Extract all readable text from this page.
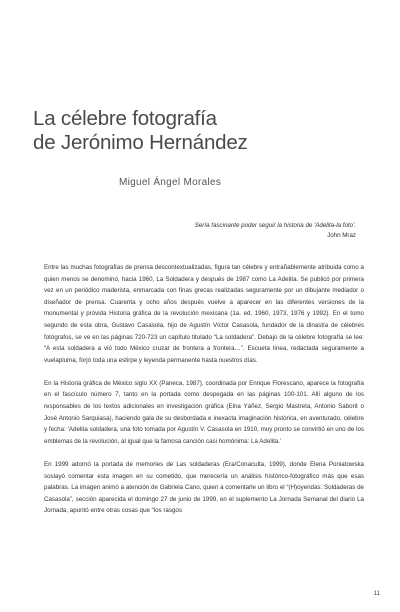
La célebre fotografía
de Jerónimo Hernández
Miguel Ángel Morales
Sería fascinante poder seguir la historia de 'Adelita-la foto'.
John Mraz

Entre las muchas fotografías de prensa descontextualizadas, figura tan célebre y entrañablemente atribuida como a quien menos se denominó, hacia 1960, La Soldadera y después de 1987 como La Adelita. Se publicó por primera vez en un periódico maderista, enmarcada con finas grecas realizadas seguramente por un dibujante mediador o diseñador de prensa. Cuarenta y ocho años después vuelve a aparecer en las diferentes versiones de la monumental y próvida Historia gráfica de la revolución mexicana (1a. ed. 1960, 1973, 1976 y 1992). En el tomo segundo de esta obra, Gustavo Casasola, hijo de Agustín Víctor Casasola, fundador de la dinastía de célebres fotógrafos, se ve en las páginas 720-723 un capítulo titulado “La soldadera”. Debajo de la célebre fotografía se lee: “A esta soldadera a vió todo México cruzar de frontera a frontera…”. Escueta línea, redactada seguramente a vuelapluma, forjó toda una estirpe y leyenda permanente hasta nuestros días.

En la Historia gráfica de México siglo XX (Paneca, 1987), coordinada por Enrique Florescano, aparece la fotografía en el fascículo número 7, tanto en la portada como despegada en las páginas 100-101. Allí alguno de los responsables de los textos adicionales en investigación gráfica (Elna Yáñez, Sergio Mastreta, Antonio Saborit o José Antonio Sarquiasa), haciendo gala de su desbordada e inexacta imaginación histórica, en aventurado, célebre y fecha: ‘Adelita soldadera, una foto tomada por Agustín V. Casasola en 1910, muy pronto se convirtió en uno de los emblemas de la revolución, al igual que la famosa canción casi homónima: La Adelita.’

En 1999 adornó la portada de memories de Las soldaderas (Era/Conaculta, 1999), donde Elena Poniatowska soslayó comentar esta imagen en su cometido, que merecería un análisis histórico-fotográfico más que esas palabras. La imagen animó a atención de Gabriela Cano, quien a comentarle un libro el “(H)oyendas. Soldaderas de Casasola”, sección aparecida el domingo 27 de junio de 1999, en el suplemento La Jornada Semanal del diario La Jornada, apuntó entre otras cosas que “los rasgos

11
